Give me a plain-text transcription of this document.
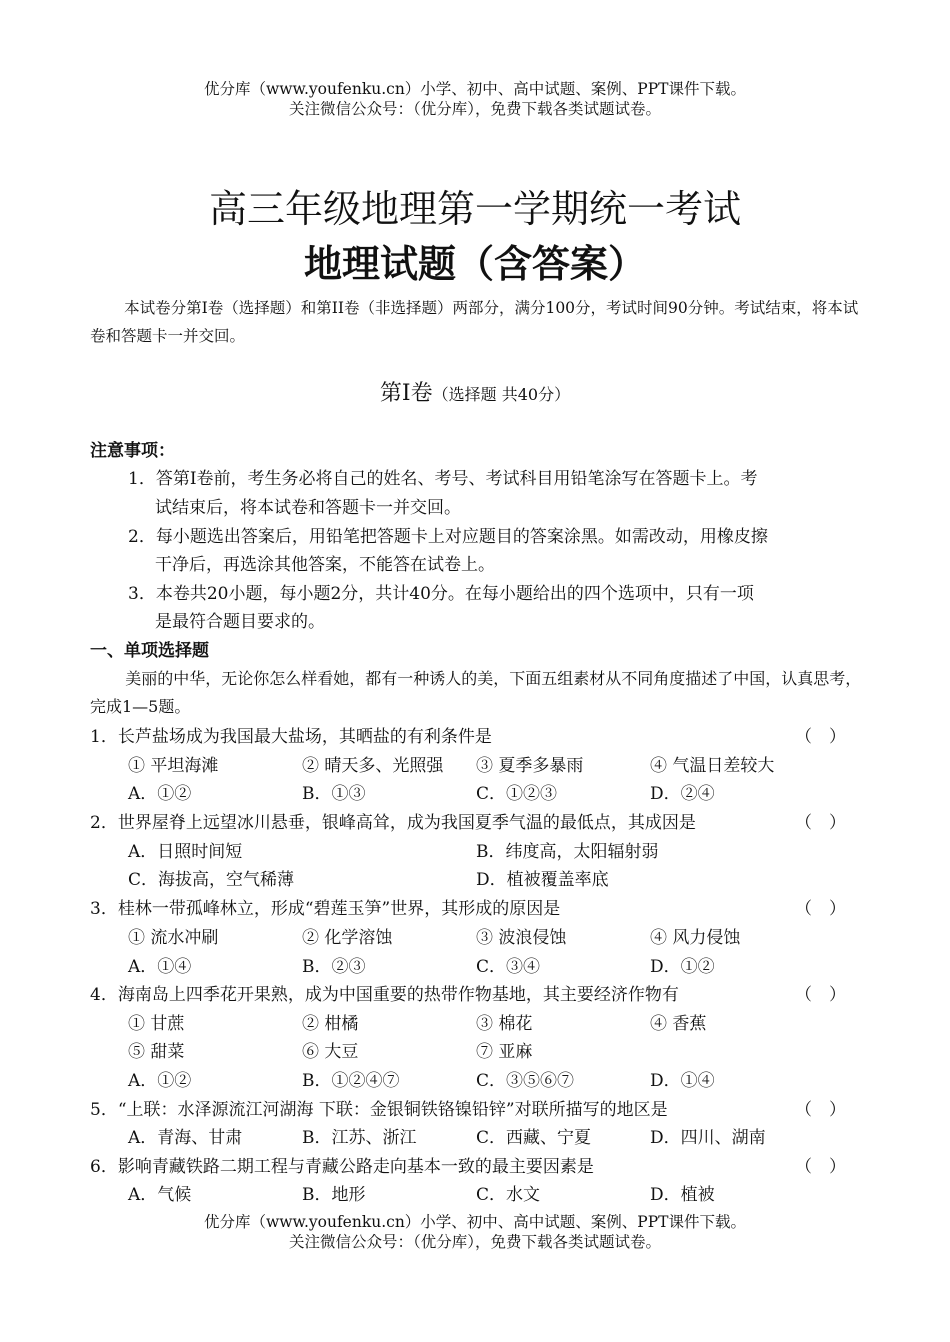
优分库（www.youfenku.cn）小学、初中、高中试题、案例、PPT课件下载。
关注微信公众号：（优分库），免费下载各类试题试卷。
高三年级地理第一学期统一考试
地理试题（含答案）
本试卷分第Ⅰ卷（选择题）和第II卷（非选择题）两部分，满分100分，考试时间90分钟。考试结束，将本试卷和答题卡一并交回。
第Ⅰ卷（选择题 共40分）
注意事项：
1．答第Ⅰ卷前，考生务必将自己的姓名、考号、考试科目用铅笔涂写在答题卡上。考
试结束后，将本试卷和答题卡一并交回。
2．每小题选出答案后，用铅笔把答题卡上对应题目的答案涂黑。如需改动，用橡皮擦
干净后，再选涂其他答案，不能答在试卷上。
3．本卷共20小题，每小题2分，共计40分。在每小题给出的四个选项中，只有一项
是最符合题目要求的。
一、单项选择题
美丽的中华，无论你怎么样看她，都有一种诱人的美，下面五组素材从不同角度描述了中国，认真思考，完成1—5题。
1．长芦盐场成为我国最大盐场，其晒盐的有利条件是	（　）
① 平坦海滩	② 晴天多、光照强 ③ 夏季多暴雨	④ 气温日差较大
A．①②	B．①③	C．①②③	D．②④
2．世界屋脊上远望冰川悬垂，银峰高耸，成为我国夏季气温的最低点，其成因是	（　）
A．日照时间短	B．纬度高，太阳辐射弱
C．海拔高，空气稀薄	D．植被覆盖率底
3．桂林一带孤峰林立，形成“碧莲玉笋”世界，其形成的原因是	（　）
① 流水冲刷	② 化学溶蚀	③ 波浪侵蚀	④ 风力侵蚀
A．①④	B．②③	C．③④	D．①②
4．海南岛上四季花开果熟，成为中国重要的热带作物基地，其主要经济作物有	（　）
① 甘蔗	② 柑橘	③ 棉花	④ 香蕉
⑤ 甜菜	⑥ 大豆	⑦ 亚麻
A．①②	B．①②④⑦	C．③⑤⑥⑦	D．①④
5．“上联：水泽源流江河湖海 下联：金银铜铁铬镍铅锌”对联所描写的地区是	（　）
A．青海、甘肃	B．江苏、浙江	C．西藏、宁夏	D．四川、湖南
6．影响青藏铁路二期工程与青藏公路走向基本一致的最主要因素是	（　）
A．气候	B．地形	C．水文	D．植被
优分库（www.youfenku.cn）小学、初中、高中试题、案例、PPT课件下载。
关注微信公众号：（优分库），免费下载各类试题试卷。
